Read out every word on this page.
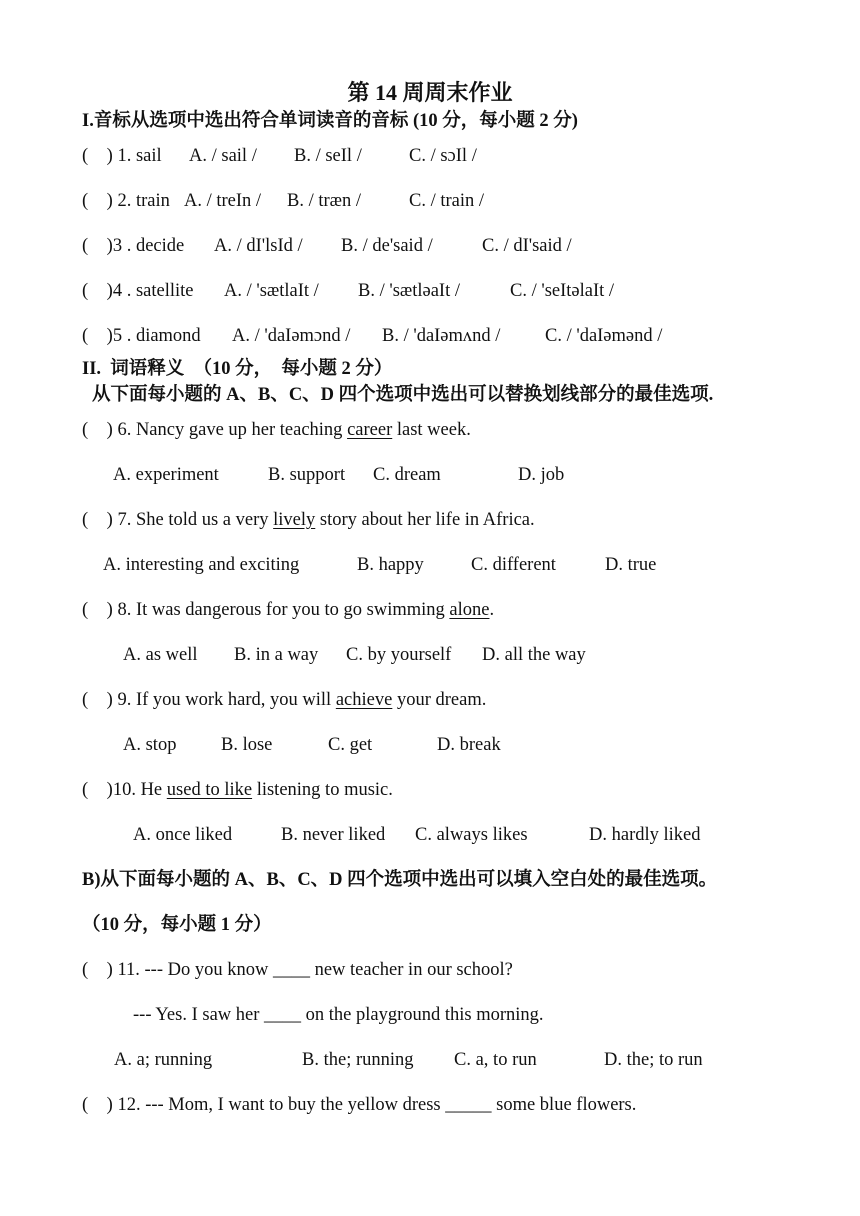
第 14 周周末作业
I.音标从选项中选出符合单词读音的音标 (10 分，每小题 2 分)

(    ) 1. sail

A. / sail /

B. / seIl /

	C. / sɔIl /

(    ) 2. train

A. / treIn /

B. / træn /

	C. / train /

(    )3 . decide

A. / dI'lsId /

B. / de'said /

	C. / dI'said /

(    )4 . satellite

A. / 'sætlaIt /

B. / 'sætləaIt /

	C. / 'seItəlaIt /

(    )5 . diamond

A. / 'daIəmɔnd /

B. / 'daIəmʌnd /

C. / 'daIəmənd /

II.  词语释义  （10 分，  每小题 2 分）
从下面每小题的 A、B、C、D 四个选项中选出可以替换划线部分的最佳选项.
(    ) 6. Nancy gave up her teaching career last week.

A. experiment

	B. support

C. dream

	D. job

(    ) 7. She told us a very lively story about her life in Africa.

A. interesting and exciting

	B. happy

	C. different

	D. true

(    ) 8. It was dangerous for you to go swimming alone.

A. as well

B. in a way

C. by yourself

D. all the way

(    ) 9. If you work hard, you will achieve your dream.

A. stop

B. lose

	C. get

	D. break

(    )10. He used to like listening to music.

A. once liked

	B. never liked

C. always likes

	D. hardly liked

B)从下面每小题的 A、B、C、D 四个选项中选出可以填入空白处的最佳选项。
（10 分，每小题 1 分）
(    ) 11. --- Do you know ____ new teacher in our school?
--- Yes. I saw her ____ on the playground this morning.

A. a; running

	B. the; running

C. a, to run

	D. the; to run

(    ) 12. --- Mom, I want to buy the yellow dress _____ some blue flowers.
